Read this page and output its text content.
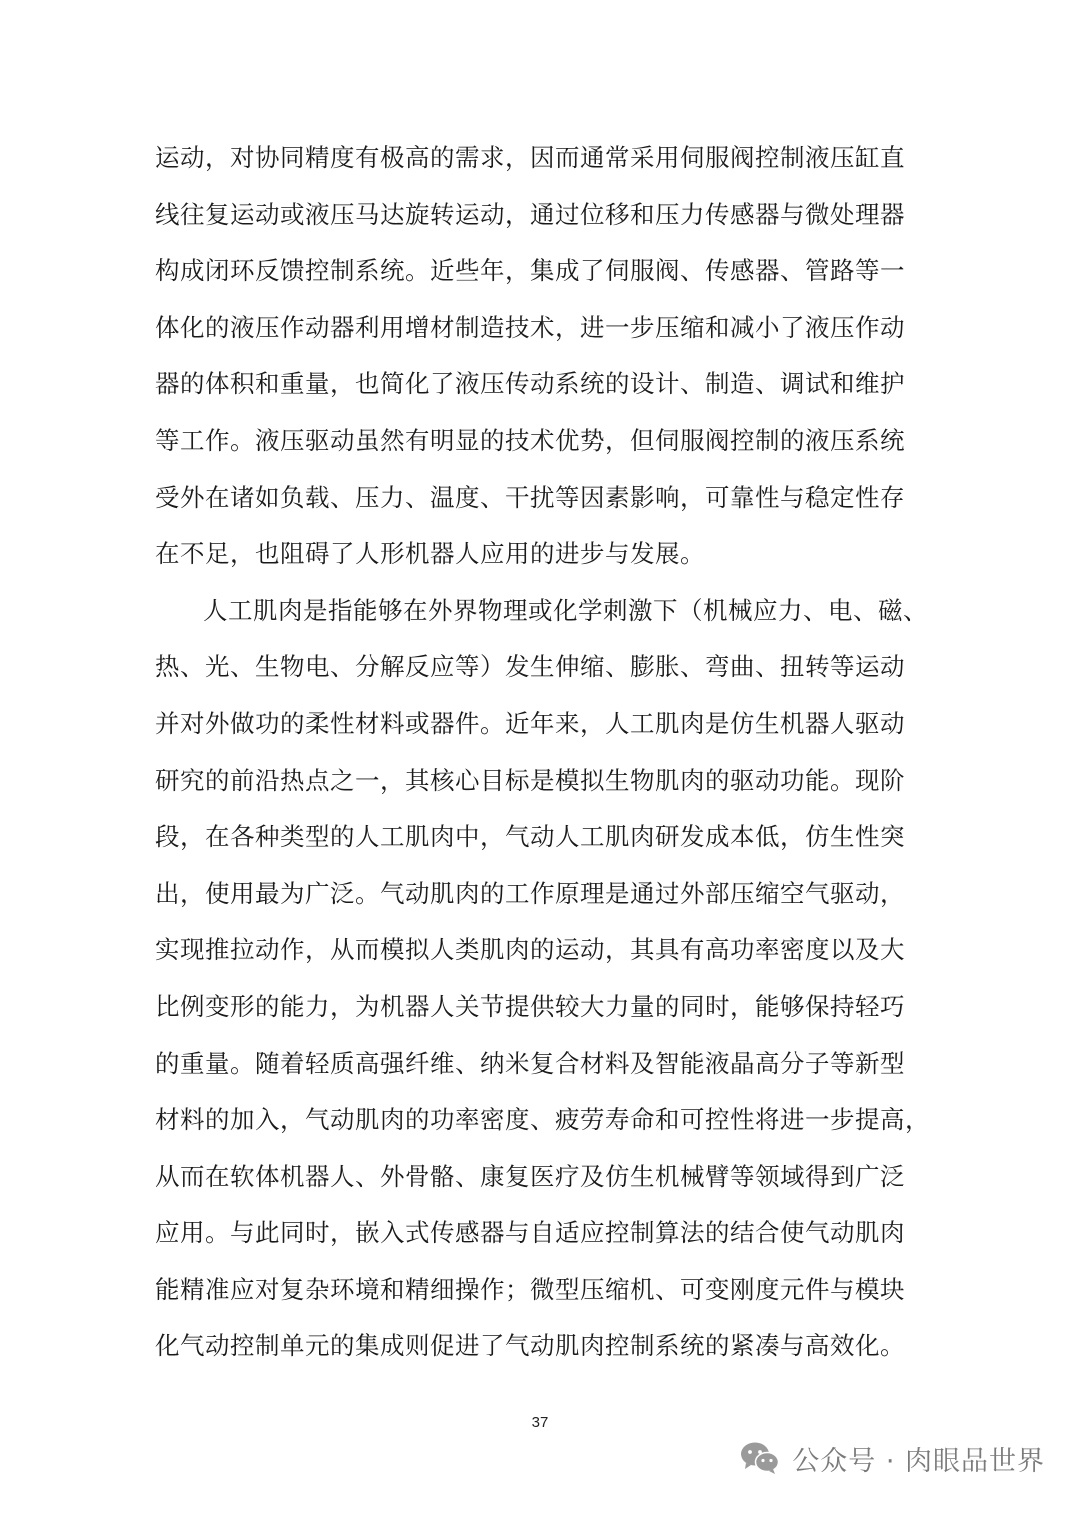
运动，对协同精度有极高的需求，因而通常采用伺服阀控制液压缸直
线往复运动或液压马达旋转运动，通过位移和压力传感器与微处理器
构成闭环反馈控制系统。近些年，集成了伺服阀、传感器、管路等一
体化的液压作动器利用增材制造技术，进一步压缩和减小了液压作动
器的体积和重量，也简化了液压传动系统的设计、制造、调试和维护
等工作。液压驱动虽然有明显的技术优势，但伺服阀控制的液压系统
受外在诸如负载、压力、温度、干扰等因素影响，可靠性与稳定性存
在不足，也阻碍了人形机器人应用的进步与发展。
人工肌肉是指能够在外界物理或化学刺激下（机械应力、电、磁、
热、光、生物电、分解反应等）发生伸缩、膨胀、弯曲、扭转等运动
并对外做功的柔性材料或器件。近年来，人工肌肉是仿生机器人驱动
研究的前沿热点之一，其核心目标是模拟生物肌肉的驱动功能。现阶
段，在各种类型的人工肌肉中，气动人工肌肉研发成本低，仿生性突
出，使用最为广泛。气动肌肉的工作原理是通过外部压缩空气驱动，
实现推拉动作，从而模拟人类肌肉的运动，其具有高功率密度以及大
比例变形的能力，为机器人关节提供较大力量的同时，能够保持轻巧
的重量。随着轻质高强纤维、纳米复合材料及智能液晶高分子等新型
材料的加入，气动肌肉的功率密度、疲劳寿命和可控性将进一步提高，
从而在软体机器人、外骨骼、康复医疗及仿生机械臂等领域得到广泛
应用。与此同时，嵌入式传感器与自适应控制算法的结合使气动肌肉
能精准应对复杂环境和精细操作；微型压缩机、可变刚度元件与模块
化气动控制单元的集成则促进了气动肌肉控制系统的紧凑与高效化。
37
公众号 · 肉眼品世界
